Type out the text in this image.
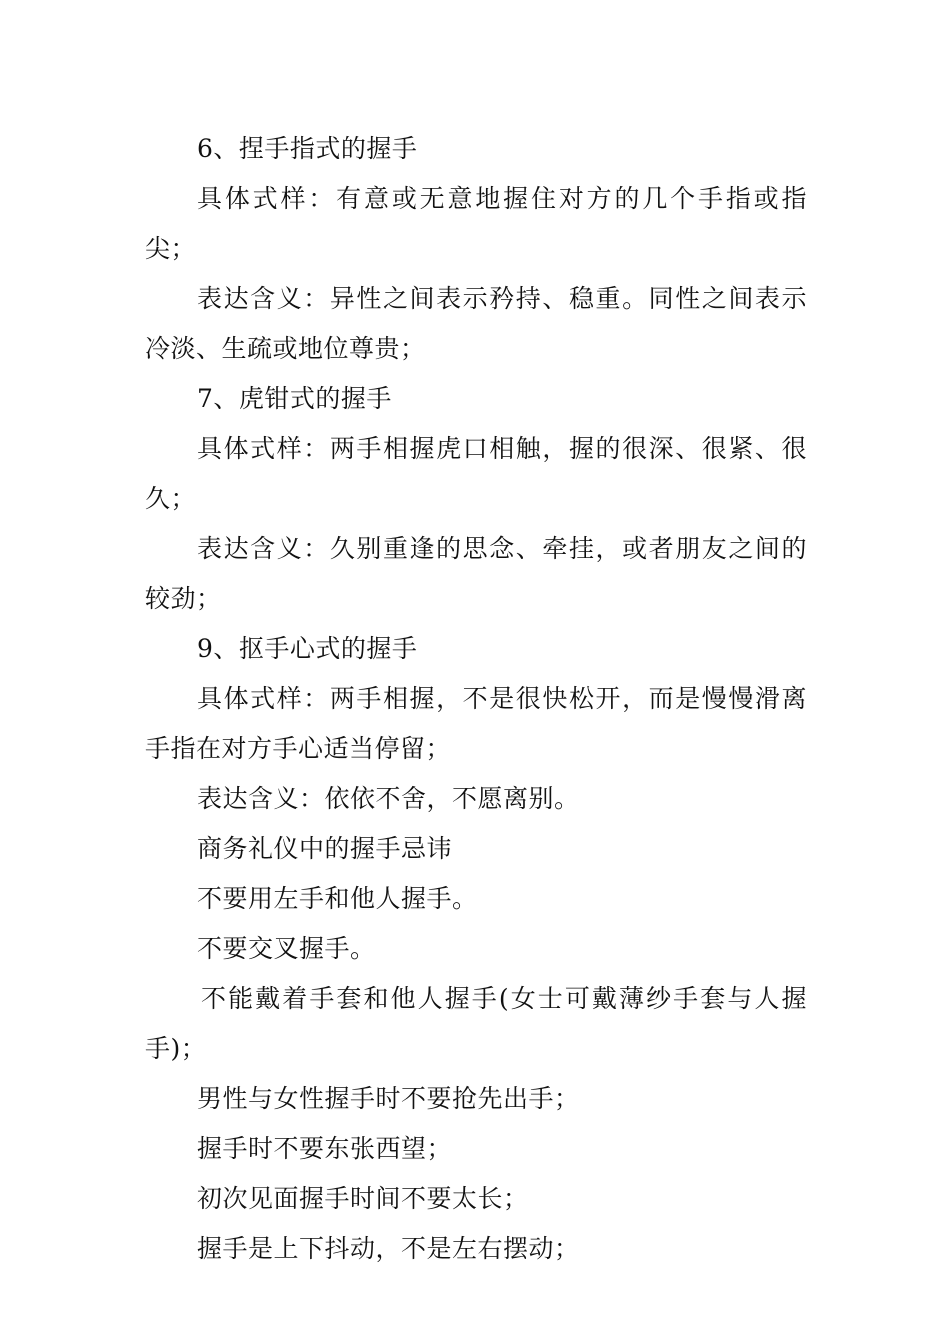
6、捏手指式的握手

具体式样：有意或无意地握住对方的几个手指或指尖；

表达含义：异性之间表示矜持、稳重。同性之间表示冷淡、生疏或地位尊贵；

7、虎钳式的握手

具体式样：两手相握虎口相触，握的很深、很紧、很久；

表达含义：久别重逢的思念、牵挂，或者朋友之间的较劲；

9、抠手心式的握手

具体式样：两手相握，不是很快松开，而是慢慢滑离手指在对方手心适当停留；

表达含义：依依不舍，不愿离别。

商务礼仪中的握手忌讳

不要用左手和他人握手。

不要交叉握手。

不能戴着手套和他人握手(女士可戴薄纱手套与人握手)；

男性与女性握手时不要抢先出手；

握手时不要东张西望；

初次见面握手时间不要太长；

握手是上下抖动，不是左右摆动；
